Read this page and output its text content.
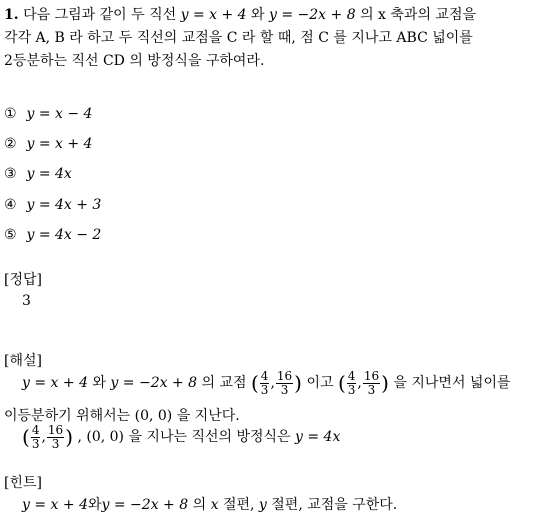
1. 다음 그림과 같이 두 직선 y = x + 4 와 y = −2x + 8 의 x 축과의 교점을
각각 A, B 라 하고 두 직선의 교점을 C 라 할 때, 점 C 를 지나고 ABC 넓이를
2등분하는 직선 CD 의 방정식을 구하여라.
① y = x − 4
② y = x + 4
③ y = 4x
④ y = 4x + 3
⑤ y = 4x − 2
[정답]
3
[해설]
y = x + 4 와 y = −2x + 8 의 교점 ( $\frac{4}{3}$ , $\frac{16}{3}$ ) 이고 ( $\frac{4}{3}$ , $\frac{16}{3}$ ) 을 지나면서 넓이를
이등분하기 위해서는 (0, 0) 을 지난다.
( $\frac{4}{3}$ , $\frac{16}{3}$ ) , (0, 0) 을 지나는 직선의 방정식은 y = 4x
[힌트]
y = x + 4와y = −2x + 8 의 x 절편, y 절편, 교점을 구한다.
